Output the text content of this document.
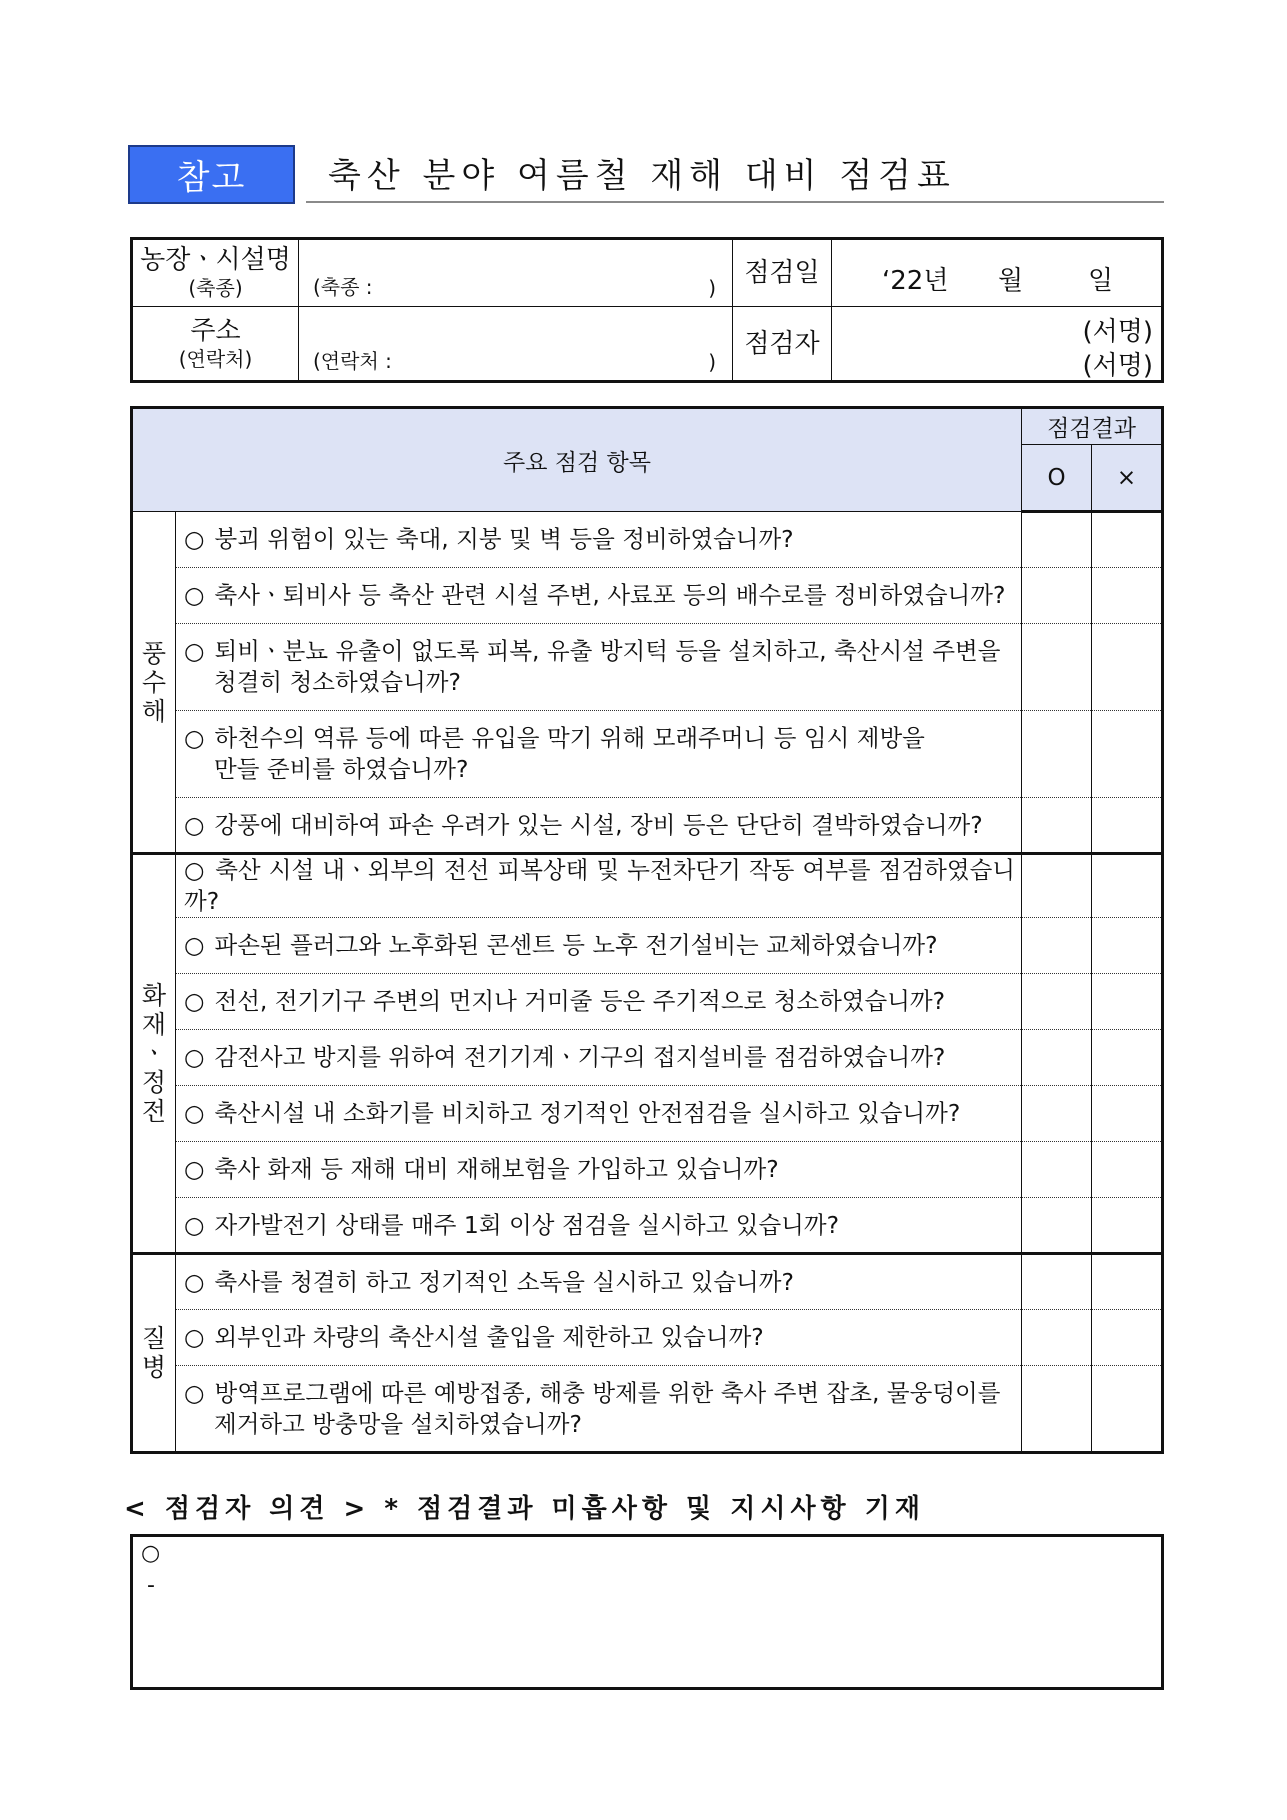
참고	축산 분야 여름철 재해 대비 점검표
농장ㆍ시설명
(축종)	(축종 : )	점검일	‘22년 월 일

주소
(연락처)	(연락처 : )	점검자	(서명)
(서명)
주요 점검 항목		점검결과	
		O	×

풍
수
해	○ 붕괴 위험이 있는 축대, 지붕 및 벽 등을 정비하였습니까?		
	○ 축사ㆍ퇴비사 등 축산 관련 시설 주변, 사료포 등의 배수로를 정비하였습니까?		
	○ 퇴비ㆍ분뇨 유출이 없도록 피복, 유출 방지턱 등을 설치하고, 축산시설 주변을
청결히 청소하였습니까?		

	○ 하천수의 역류 등에 따른 유입을 막기 위해 모래주머니 등 임시 제방을
만들 준비를 하였습니까?		

	○ 강풍에 대비하여 파손 우려가 있는 시설, 장비 등은 단단히 결박하였습니까?		

화
재
ㆍ
정
전	○ 축산 시설 내ㆍ외부의 전선 피복상태 및 누전차단기 작동 여부를 점검하였습니까?		
	○ 파손된 플러그와 노후화된 콘센트 등 노후 전기설비는 교체하였습니까?		
	○ 전선, 전기기구 주변의 먼지나 거미줄 등은 주기적으로 청소하였습니까?		
	○ 감전사고 방지를 위하여 전기기계ㆍ기구의 접지설비를 점검하였습니까?		
	○ 축산시설 내 소화기를 비치하고 정기적인 안전점검을 실시하고 있습니까?		
	○ 축사 화재 등 재해 대비 재해보험을 가입하고 있습니까?		
	○ 자가발전기 상태를 매주 1회 이상 점검을 실시하고 있습니까?		

질
병	○ 축사를 청결히 하고 정기적인 소독을 실시하고 있습니까?		
	○ 외부인과 차량의 축산시설 출입을 제한하고 있습니까?		
	○ 방역프로그램에 따른 예방접종, 해충 방제를 위한 축사 주변 잡초, 물웅덩이를
제거하고 방충망을 설치하였습니까?		

< 점검자 의견 > * 점검결과 미흡사항 및 지시사항 기재
○
-
